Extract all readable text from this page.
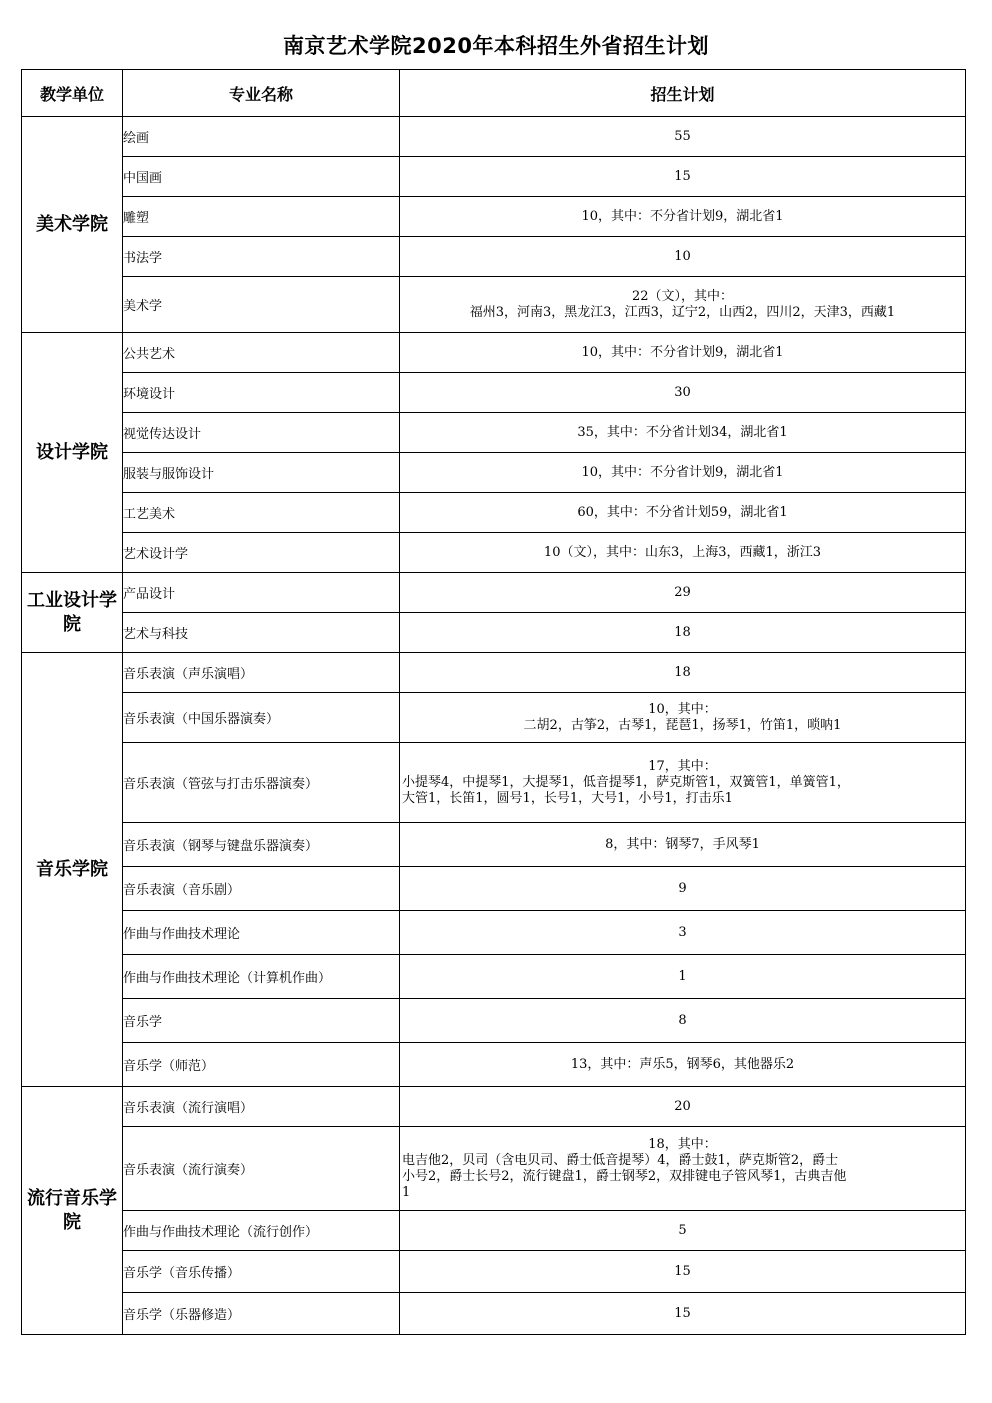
南京艺术学院2020年本科招生外省招生计划
教学单位	专业名称	招生计划
美术学院	绘画	55

	中国画	15

	雕塑	10，其中：不分省计划9，湖北省1

	书法学	10

	美术学	22（文），其中：
福州3，河南3，黑龙江3，江西3，辽宁2，山西2，四川2，天津3，西藏1

设计学院	公共艺术	10，其中：不分省计划9，湖北省1

	环境设计	30

	视觉传达设计	35，其中：不分省计划34，湖北省1

	服装与服饰设计	10，其中：不分省计划9，湖北省1

	工艺美术	60，其中：不分省计划59，湖北省1

	艺术设计学	10（文），其中：山东3，上海3，西藏1，浙江3

工业设计学院	产品设计	29

	艺术与科技	18

音乐学院	音乐表演（声乐演唱）	18

	音乐表演（中国乐器演奏）	10，其中：
二胡2，古筝2，古琴1，琵琶1，扬琴1，竹笛1，唢呐1

	音乐表演（管弦与打击乐器演奏）	17，其中：
小提琴4，中提琴1，大提琴1，低音提琴1，萨克斯管1，双簧管1，单簧管1，
大管1，长笛1，圆号1，长号1，大号1，小号1，打击乐1

	音乐表演（钢琴与键盘乐器演奏）	8，其中：钢琴7，手风琴1

	音乐表演（音乐剧）	9

	作曲与作曲技术理论	3

	作曲与作曲技术理论（计算机作曲）	1

	音乐学	8

	音乐学（师范）	13，其中：声乐5，钢琴6，其他器乐2

流行音乐学院	音乐表演（流行演唱）	20

	音乐表演（流行演奏）	18，其中：
电吉他2，贝司（含电贝司、爵士低音提琴）4，爵士鼓1，萨克斯管2，爵士
小号2，爵士长号2，流行键盘1，爵士钢琴2，双排键电子管风琴1，古典吉他
1

	作曲与作曲技术理论（流行创作）	5

	音乐学（音乐传播）	15

	音乐学（乐器修造）	15
